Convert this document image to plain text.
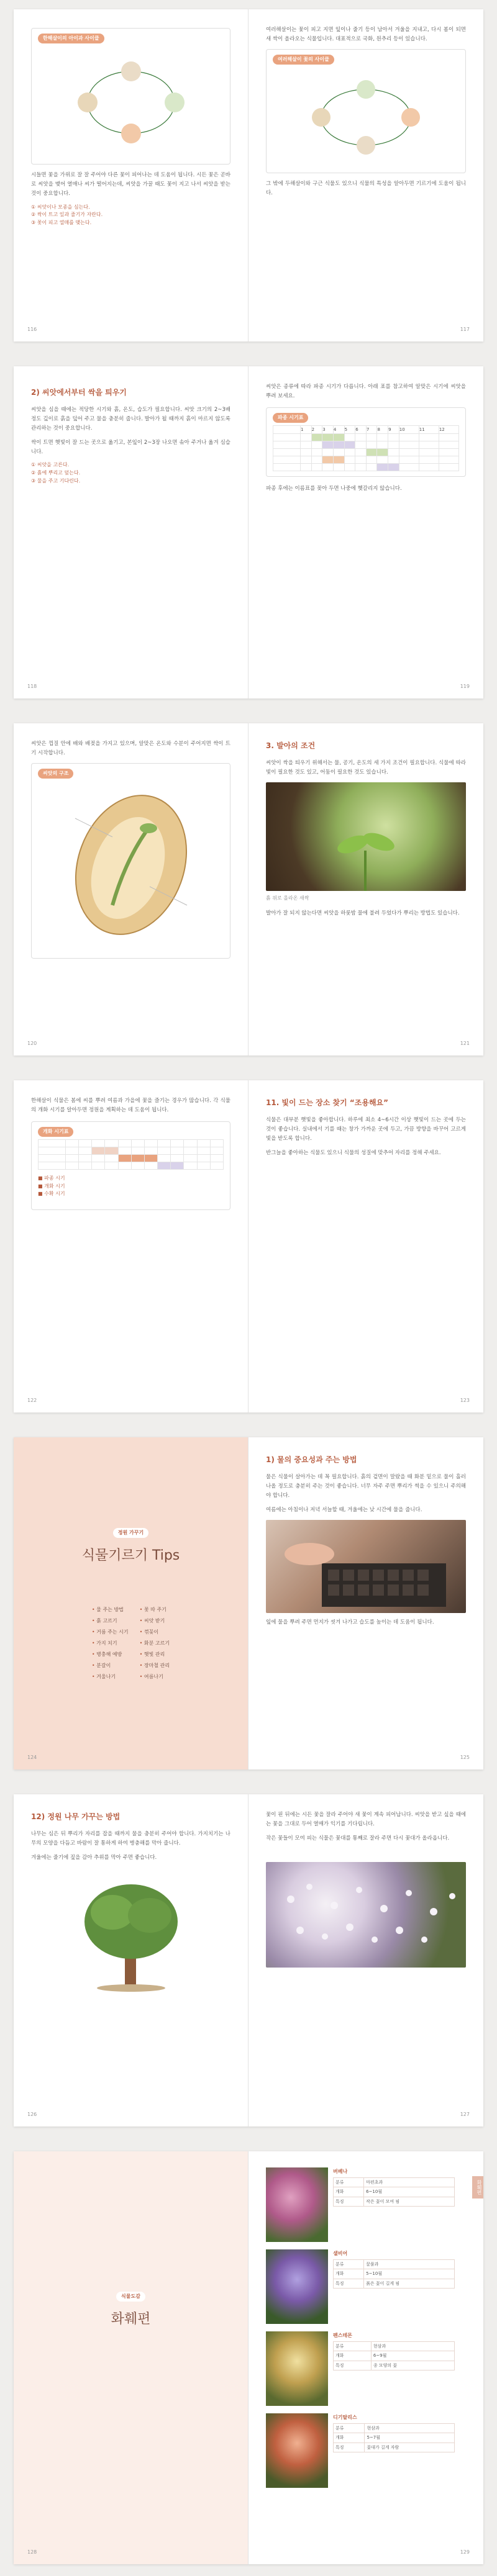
한해살이의 아이과 사이클

시들면 꽃을 가위로 잘 잘 주어야 다른 꽃이 피어나는 데 도움이 됩니다. 시든 꽃은 곧바로 씨앗을 맺어 열매나 씨가 떨어지는데, 씨앗을 가꿀 때도 꽃이 지고 나서 씨앗을 받는 것이 중요합니다.

① 씨앗이나 모종을 심는다.
② 싹이 트고 잎과 줄기가 자란다.
③ 꽃이 피고 열매를 맺는다.
116

여러해살이는 꽃이 피고 지면 잎이나 줄기 등이 남아서 겨울을 지내고, 다시 봄이 되면 새 싹이 올라오는 식물입니다. 대표적으로 국화, 원추리 등이 있습니다.

여러해살이 꽃의 사이클

그 밖에 두해살이와 구근 식물도 있으니 식물의 특성을 알아두면 기르기에 도움이 됩니다.

117
2) 씨앗에서부터 싹을 틔우기

씨앗을 심을 때에는 적당한 시기와 흙, 온도, 습도가 필요합니다. 씨앗 크기의 2~3배 정도 깊이로 흙을 덮어 주고 물을 충분히 줍니다. 발아가 될 때까지 흙이 마르지 않도록 관리하는 것이 중요합니다.

싹이 트면 햇빛이 잘 드는 곳으로 옮기고, 본잎이 2~3장 나오면 솎아 주거나 옮겨 심습니다.

① 씨앗을 고른다.
② 흙에 뿌리고 덮는다.
③ 물을 주고 기다린다.
118

씨앗은 종류에 따라 파종 시기가 다릅니다. 아래 표를 참고하여 알맞은 시기에 씨앗을 뿌려 보세요.

파종 시기표
	1	2	3	4	5	6	7	8	9	10	11	12

파종 후에는 이름표를 꽂아 두면 나중에 헷갈리지 않습니다.

119

씨앗은 껍질 안에 배와 배젖을 가지고 있으며, 알맞은 온도와 수분이 주어지면 싹이 트기 시작합니다.

씨앗의 구조
120
3. 발아의 조건

씨앗이 싹을 틔우기 위해서는 물, 공기, 온도의 세 가지 조건이 필요합니다. 식물에 따라 빛이 필요한 것도 있고, 어둠이 필요한 것도 있습니다.

흙 위로 올라온 새싹

발아가 잘 되지 않는다면 씨앗을 하룻밤 물에 불려 두었다가 뿌리는 방법도 있습니다.

121

한해살이 식물은 봄에 씨를 뿌려 여름과 가을에 꽃을 즐기는 경우가 많습니다. 각 식물의 개화 시기를 알아두면 정원을 계획하는 데 도움이 됩니다.

개화 시기표

■ 파종 시기
■ 개화 시기
■ 수확 시기
122
11. 빛이 드는 장소 찾기 “조용해요”

식물은 대부분 햇빛을 좋아합니다. 하루에 최소 4~6시간 이상 햇빛이 드는 곳에 두는 것이 좋습니다. 실내에서 기를 때는 창가 가까운 곳에 두고, 가끔 방향을 바꾸어 고르게 빛을 받도록 합니다.

반그늘을 좋아하는 식물도 있으니 식물의 성질에 맞추어 자리를 정해 주세요.

123
정원 가꾸기
식물기르기 Tips
• 물 주는 방법
• 흙 고르기
• 거름 주는 시기
• 가지 치기
• 병충해 예방
• 분갈이
• 겨울나기
• 꽃 따 주기
• 씨앗 받기
• 꺾꽂이
• 화분 고르기
• 햇빛 관리
• 장마철 관리
• 여름나기
124
1) 물의 중요성과 주는 방법

물은 식물이 살아가는 데 꼭 필요합니다. 흙의 겉면이 말랐을 때 화분 밑으로 물이 흘러나올 정도로 충분히 주는 것이 좋습니다. 너무 자주 주면 뿌리가 썩을 수 있으니 주의해야 합니다.

여름에는 아침이나 저녁 서늘할 때, 겨울에는 낮 시간에 물을 줍니다.

잎에 물을 뿌려 주면 먼지가 씻겨 나가고 습도를 높이는 데 도움이 됩니다.

125
12) 정원 나무 가꾸는 방법

나무는 심은 뒤 뿌리가 자리를 잡을 때까지 물을 충분히 주어야 합니다. 가지치기는 나무의 모양을 다듬고 바람이 잘 통하게 하여 병충해를 막아 줍니다.

겨울에는 줄기에 짚을 감아 추위를 막아 주면 좋습니다.

126

꽃이 핀 뒤에는 시든 꽃을 잘라 주어야 새 꽃이 계속 피어납니다. 씨앗을 받고 싶을 때에는 꽃을 그대로 두어 열매가 익기를 기다립니다.

작은 꽃들이 모여 피는 식물은 꽃대를 통째로 잘라 주면 다시 꽃대가 올라옵니다.

127
식물도감
화훼편
128
화훼편
버베나
분류	마편초과
개화	6~10월
특징	작은 꽃이 모여 핌
샐비어
분류	꿀풀과
개화	5~10월
특징	붉은 꽃이 길게 핌
펜스테몬
분류	현삼과
개화	6~9월
특징	종 모양의 꽃
디기탈리스
분류	현삼과
개화	5~7월
특징	꽃대가 길게 자람
129
